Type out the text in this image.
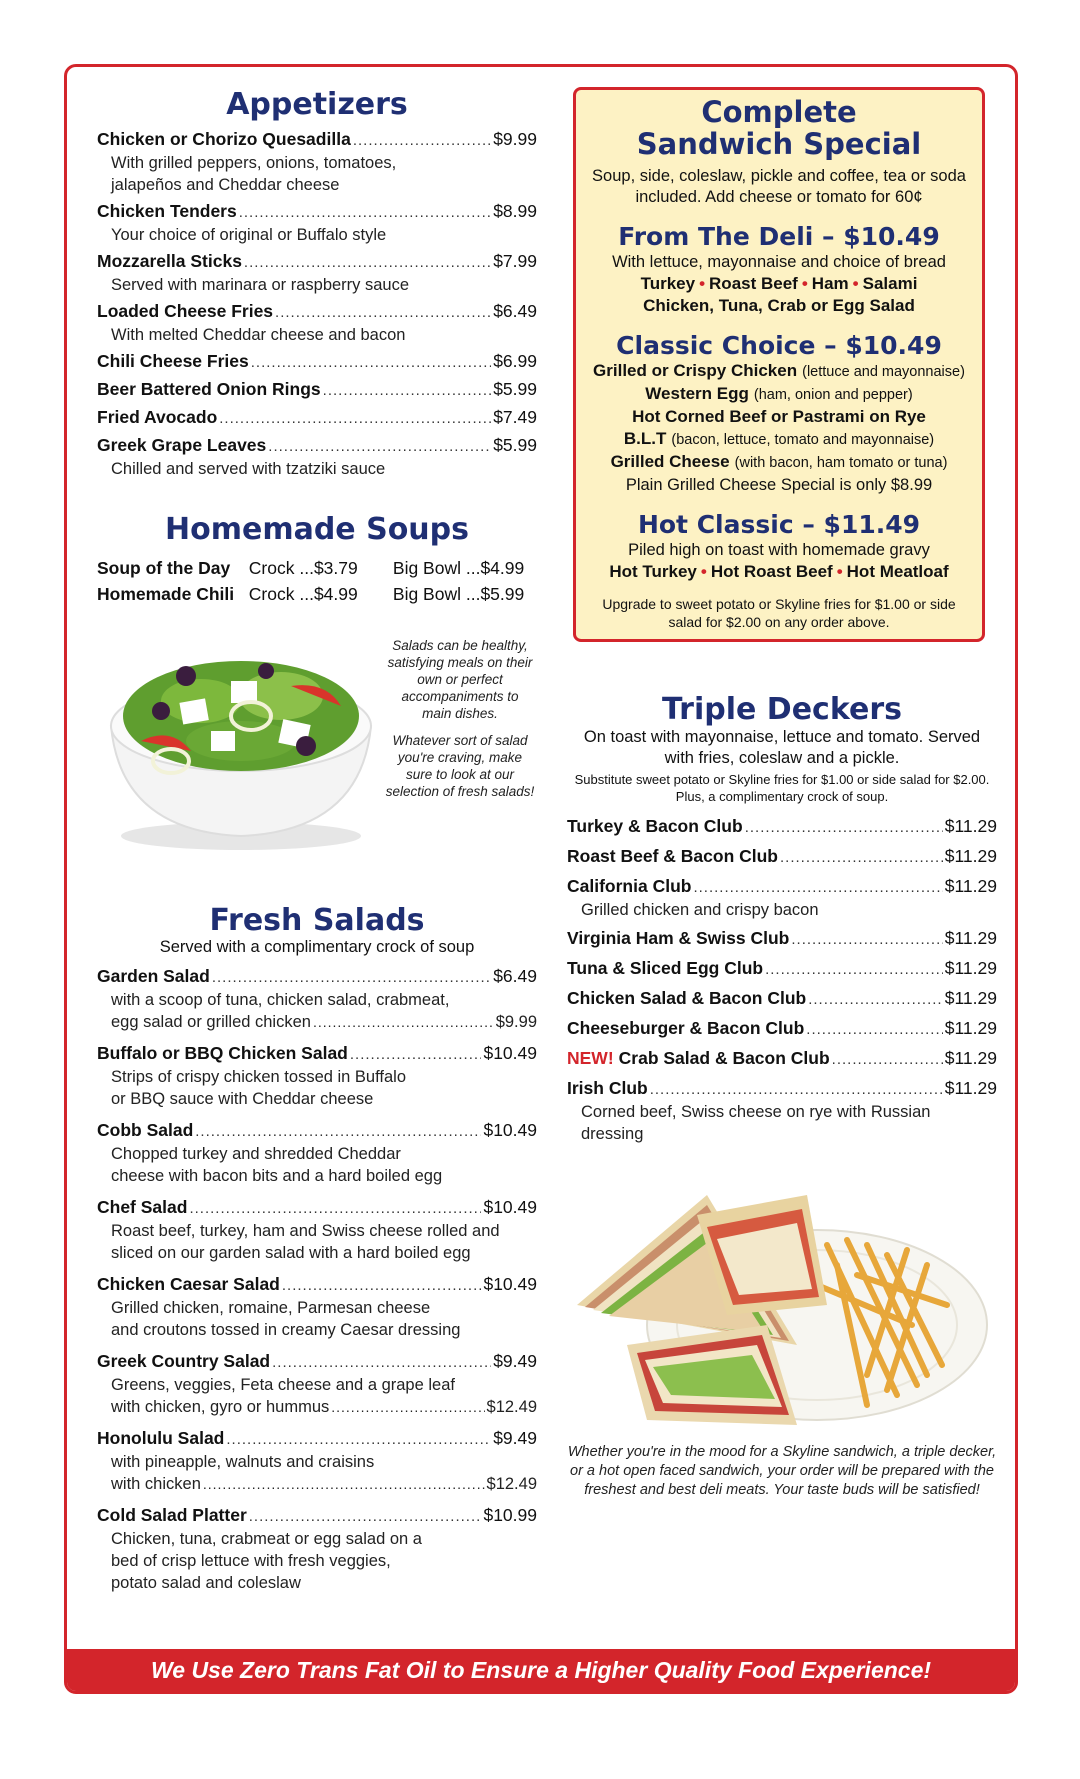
Appetizers
Chicken or Chorizo Quesadilla .....	$9.99
With grilled peppers, onions, tomatoes,
jalapeños and Cheddar cheese
Chicken Tenders .....	$8.99
Your choice of original or Buffalo style
Mozzarella Sticks .....	$7.99
Served with marinara or raspberry sauce
Loaded Cheese Fries .....	$6.49
With melted Cheddar cheese and bacon
Chili Cheese Fries .....	$6.99
Beer Battered Onion Rings .....	$5.99
Fried Avocado .....	$7.49
Greek Grape Leaves .....	$5.99
Chilled and served with tzatziki sauce
Homemade Soups
Soup of the Day	Crock ...$3.79	Big Bowl ...$4.99
Homemade Chili Crock ...$4.99	Big Bowl ...$5.99

Salads can be healthy, satisfying meals on their own or perfect accompaniments to main dishes.

Whatever sort of salad you're craving, make sure to look at our selection of fresh salads!

Fresh Salads
Served with a complimentary crock of soup
Garden Salad .....	$6.49
with a scoop of tuna, chicken salad, crabmeat,
egg salad or grilled chicken .....	$9.99
Buffalo or BBQ Chicken Salad .....	$10.49
Strips of crispy chicken tossed in Buffalo
or BBQ sauce with Cheddar cheese
Cobb Salad .....	$10.49
Chopped turkey and shredded Cheddar
cheese with bacon bits and a hard boiled egg
Chef Salad .....	$10.49
Roast beef, turkey, ham and Swiss cheese rolled and
sliced on our garden salad with a hard boiled egg
Chicken Caesar Salad .....	$10.49
Grilled chicken, romaine, Parmesan cheese
and croutons tossed in creamy Caesar dressing
Greek Country Salad .....	$9.49
Greens, veggies, Feta cheese and a grape leaf
with chicken, gyro or hummus .....	$12.49
Honolulu Salad .....	$9.49
with pineapple, walnuts and craisins
with chicken .....	$12.49
Cold Salad Platter .....	$10.99
Chicken, tuna, crabmeat or egg salad on a
bed of crisp lettuce with fresh veggies,
potato salad and coleslaw
Complete
Sandwich Special
Soup, side, coleslaw, pickle and coffee, tea or soda included. Add cheese or tomato for 60¢
From The Deli – $10.49
With lettuce, mayonnaise and choice of bread
Turkey • Roast Beef • Ham • Salami
Chicken, Tuna, Crab or Egg Salad
Classic Choice – $10.49
Grilled or Crispy Chicken (lettuce and mayonnaise)
Western Egg (ham, onion and pepper)
Hot Corned Beef or Pastrami on Rye
B.L.T (bacon, lettuce, tomato and mayonnaise)
Grilled Cheese (with bacon, ham tomato or tuna)
Plain Grilled Cheese Special is only $8.99
Hot Classic – $11.49
Piled high on toast with homemade gravy
Hot Turkey • Hot Roast Beef • Hot Meatloaf
Upgrade to sweet potato or Skyline fries for $1.00 or side salad for $2.00 on any order above.
Triple Deckers
On toast with mayonnaise, lettuce and tomato. Served with fries, coleslaw and a pickle.
Substitute sweet potato or Skyline fries for $1.00 or side salad for $2.00. Plus, a complimentary crock of soup.
Turkey & Bacon Club .....	$11.29
Roast Beef & Bacon Club .....	$11.29
California Club .....	$11.29
Grilled chicken and crispy bacon
Virginia Ham & Swiss Club .....	$11.29
Tuna & Sliced Egg Club .....	$11.29
Chicken Salad & Bacon Club .....	$11.29
Cheeseburger & Bacon Club .....	$11.29
NEW! Crab Salad & Bacon Club .....	$11.29
Irish Club .....	$11.29
Corned beef, Swiss cheese on rye with Russian dressing
Whether you're in the mood for a Skyline sandwich, a triple decker, or a hot open faced sandwich, your order will be prepared with the freshest and best deli meats. Your taste buds will be satisfied!
We Use Zero Trans Fat Oil to Ensure a Higher Quality Food Experience!
